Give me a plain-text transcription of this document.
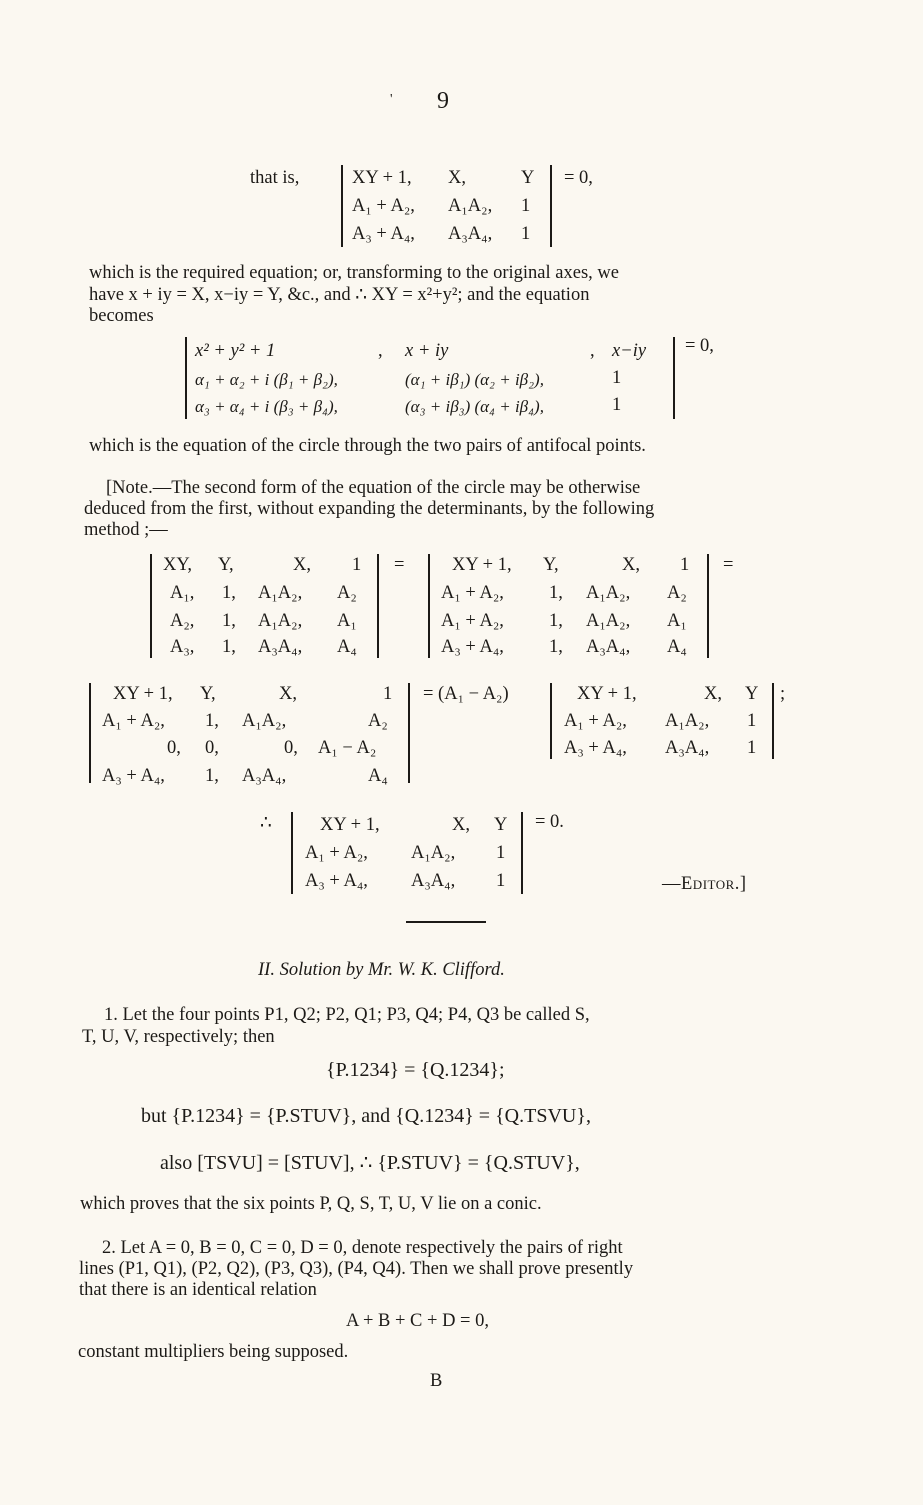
' 9
that is,	XY + 1, X,	Y
A₁ + A₂, A₁A₂, 1
A₃ + A₄, A₃A₄, 1
= 0,
which is the required equation; or, transforming to the original axes, we
have x + iy = X, x−iy = Y, &c., and ∴ XY = x²+y²; and the equation
becomes
x² + y² + 1	, x + iy	, x−iy
α₁ + α₂ + i (β₁ + β₂),	(α₁ + iβ₁) (α₂ + iβ₂),	1
α₃ + α₄ + i (β₃ + β₄),	(α₃ + iβ₃) (α₄ + iβ₄),	1
= 0,
which is the equation of the circle through the two pairs of antifocal points.
[Note.—The second form of the equation of the circle may be otherwise
deduced from the first, without expanding the determinants, by the following
method ;—
XY, Y,	X, 1
A₁, 1, A₁A₂, A₂
A₂, 1, A₁A₂, A₁
A₃, 1, A₃A₄, A₄
=	XY + 1, Y,	X, 1
A₁ + A₂, 1, A₁A₂, A₂
A₁ + A₂, 1, A₁A₂, A₁
A₃ + A₄, 1, A₃A₄, A₄
=
XY + 1, Y,	X,	1
A₁ + A₂, 1, A₁A₂,	A₂
0, 0,	0, A₁ − A₂
A₃ + A₄, 1, A₃A₄,	A₄
= (A₁ − A₂)	XY + 1,	X, Y
A₁ + A₂, A₁A₂, 1
A₃ + A₄, A₃A₄, 1
;
∴	XY + 1,	X, Y
A₁ + A₂, A₁A₂, 1
A₃ + A₄, A₃A₄, 1
= 0.
—Editor.]
II. Solution by Mr. W. K. Clifford.
1. Let the four points P1, Q2; P2, Q1; P3, Q4; P4, Q3 be called S,
T, U, V, respectively; then
{P.1234} = {Q.1234};
but {P.1234} = {P.STUV}, and {Q.1234} = {Q.TSVU},
also [TSVU] = [STUV], ∴ {P.STUV} = {Q.STUV},
which proves that the six points P, Q, S, T, U, V lie on a conic.
2. Let A = 0, B = 0, C = 0, D = 0, denote respectively the pairs of right
lines (P1, Q1), (P2, Q2), (P3, Q3), (P4, Q4). Then we shall prove presently
that there is an identical relation
A + B + C + D = 0,
constant multipliers being supposed.
B
